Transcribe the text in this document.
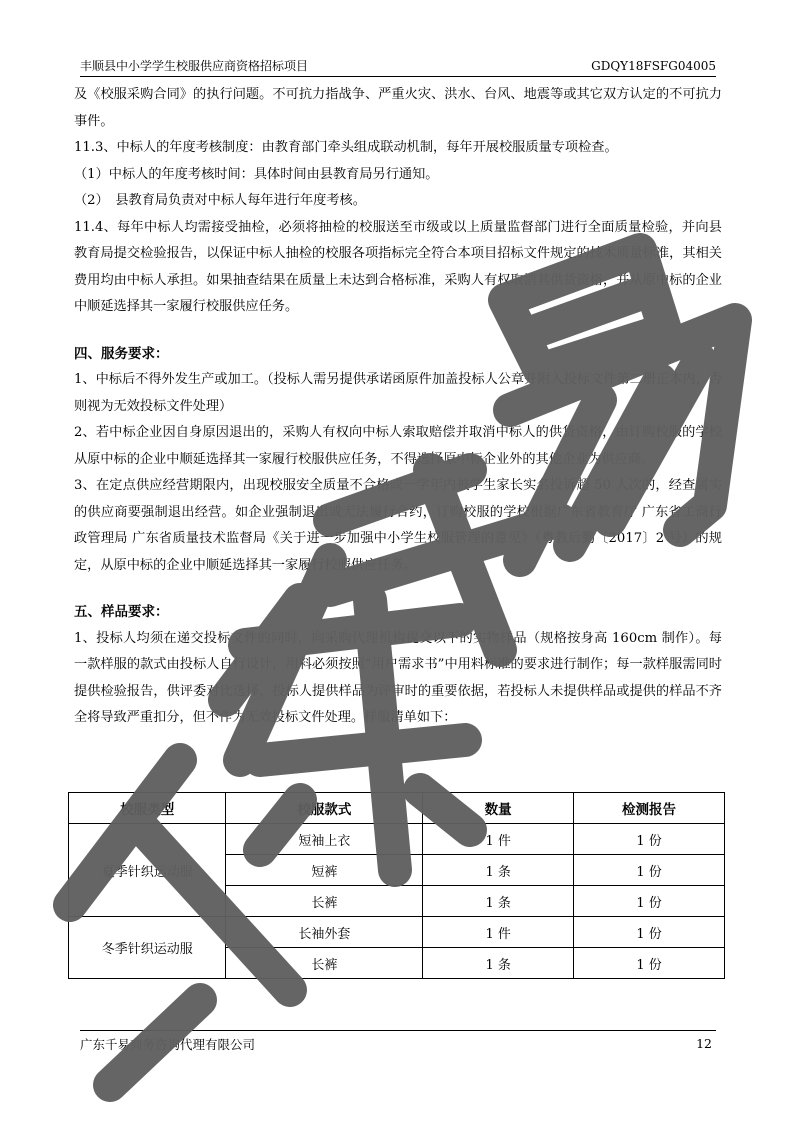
丰顺县中小学学生校服供应商资格招标项目	GDQY18FSFG04005

及《校服采购合同》的执行问题。不可抗力指战争、严重火灾、洪水、台风、地震等或其它双方认定的不可抗力事件。

11.3、中标人的年度考核制度：由教育部门牵头组成联动机制，每年开展校服质量专项检查。

（1）中标人的年度考核时间：具体时间由县教育局另行通知。

（2）　县教育局负责对中标人每年进行年度考核。

11.4、每年中标人均需接受抽检，必须将抽检的校服送至市级或以上质量监督部门进行全面质量检验，并向县教育局提交检验报告，以保证中标人抽检的校服各项指标完全符合本项目招标文件规定的技术质量标准，其相关费用均由中标人承担。如果抽查结果在质量上未达到合格标准，采购人有权取消其供货资格，并从原中标的企业中顺延选择其一家履行校服供应任务。

四、服务要求：

1、中标后不得外发生产或加工。（投标人需另提供承诺函原件加盖投标人公章并附入投标文件第二册正本内，否则视为无效投标文件处理）

2、若中标企业因自身原因退出的，采购人有权向中标人索取赔偿并取消中标人的供货资格，由订购校服的学校从原中标的企业中顺延选择其一家履行校服供应任务，不得选择原中标企业外的其他企业为供应商。

3、在定点供应经营期限内，出现校服安全质量不合格或一学年内被学生家长实名投诉超 50 人次的，经查属实的供应商要强制退出经营。如企业强制退出或无法履行合约，订购校服的学校根据广东省教育厅 广东省工商行政管理局 广东省质量技术监督局《关于进一步加强中小学生校服管理的意见》（粤教后勤〔2017〕2 号）的规定，从原中标的企业中顺延选择其一家履行校服供应任务。

五、样品要求：

1、投标人均须在递交投标文件的同时，向采购代理机构提交以下的实物样品（规格按身高 160cm 制作）。每一款样服的款式由投标人自行设计，用料必须按照“用户需求书”中用料标准的要求进行制作；每一款样服需同时提供检验报告，供评委对比选择，投标人提供样品为评审时的重要依据，若投标人未提供样品或提供的样品不齐全将导致严重扣分，但不作为无效投标文件处理。样服清单如下：

校服类型	校服款式	数量	检测报告
夏季针织运动服	短袖上衣	1 件	1 份
	短裤	1 条	1 份
	长裤	1 条	1 份
冬季针织运动服	长袖外套	1 件	1 份
	长裤	1 条	1 份
广东千易商务咨询代理有限公司	12
